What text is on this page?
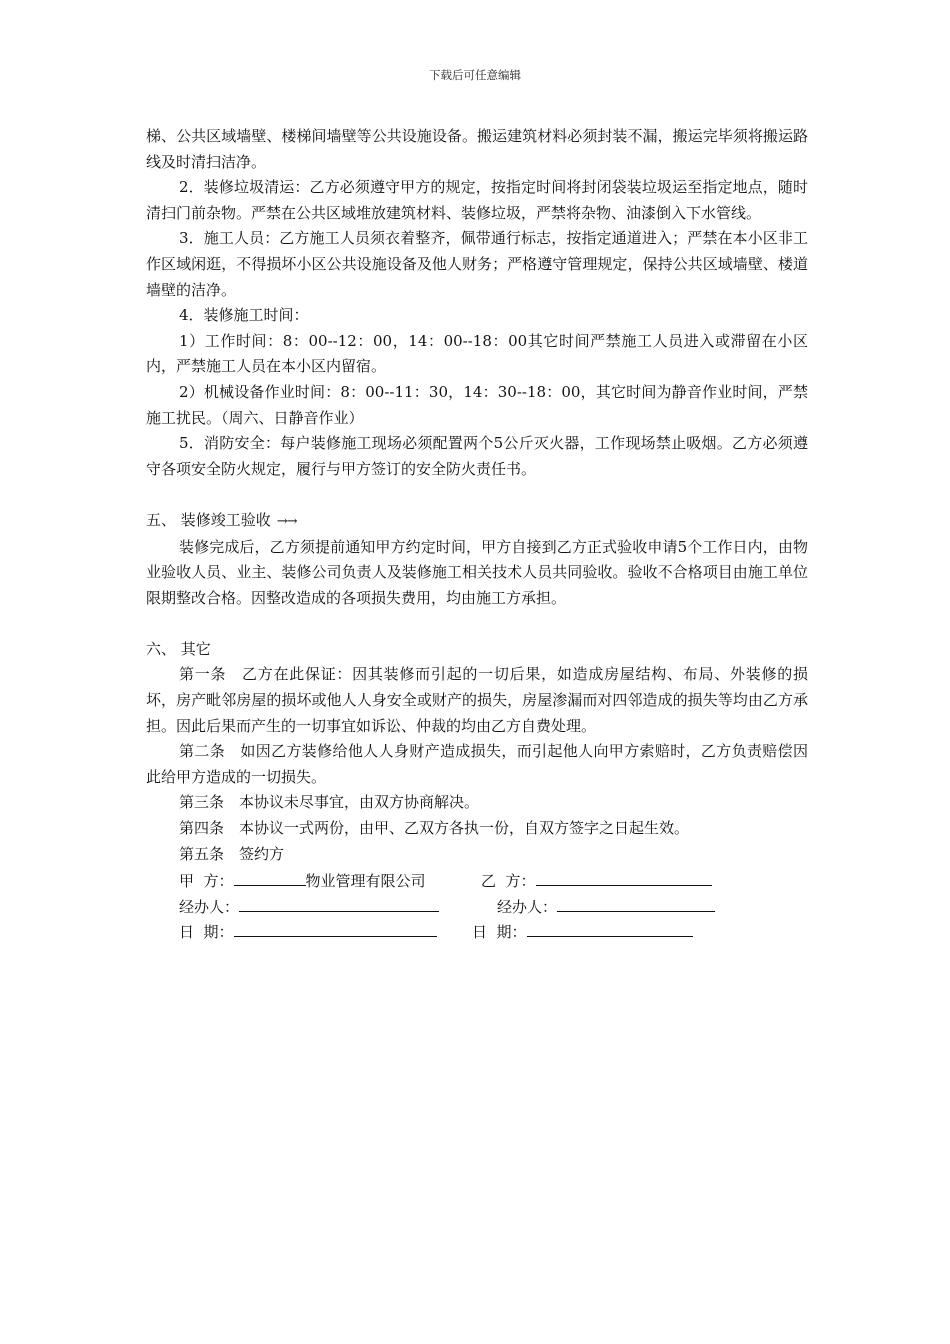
下载后可任意编辑

梯、公共区域墙壁、楼梯间墙壁等公共设施设备。搬运建筑材料必须封装不漏，搬运完毕须将搬运路线及时清扫洁净。

2．装修垃圾清运：乙方必须遵守甲方的规定，按指定时间将封闭袋装垃圾运至指定地点，随时清扫门前杂物。严禁在公共区域堆放建筑材料、装修垃圾，严禁将杂物、油漆倒入下水管线。

3．施工人员：乙方施工人员须衣着整齐，佩带通行标志，按指定通道进入；严禁在本小区非工作区域闲逛，不得损坏小区公共设施设备及他人财务；严格遵守管理规定，保持公共区域墙壁、楼道墙壁的洁净。

4．装修施工时间：

1）工作时间：8：00--12：00，14：00--18：00其它时间严禁施工人员进入或滞留在小区内，严禁施工人员在本小区内留宿。

2）机械设备作业时间：8：00--11：30，14：30--18：00，其它时间为静音作业时间，严禁施工扰民。（周六、日静音作业）

5．消防安全：每户装修施工现场必须配置两个5公斤灭火器，工作现场禁止吸烟。乙方必须遵守各项安全防火规定，履行与甲方签订的安全防火责任书。

五、 装修竣工验收 →→

装修完成后，乙方须提前通知甲方约定时间，甲方自接到乙方正式验收申请5个工作日内，由物业验收人员、业主、装修公司负责人及装修施工相关技术人员共同验收。验收不合格项目由施工单位限期整改合格。因整改造成的各项损失费用，均由施工方承担。

六、 其它

第一条　乙方在此保证：因其装修而引起的一切后果，如造成房屋结构、布局、外装修的损坏，房产毗邻房屋的损坏或他人人身安全或财产的损失，房屋渗漏而对四邻造成的损失等均由乙方承担。因此后果而产生的一切事宜如诉讼、仲裁的均由乙方自费处理。

第二条　如因乙方装修给他人人身财产造成损失，而引起他人向甲方索赔时，乙方负责赔偿因此给甲方造成的一切损失。

第三条　本协议未尽事宜，由双方协商解决。

第四条　本协议一式两份，由甲、乙双方各执一份，自双方签字之日起生效。

第五条　签约方

甲  方：	物业管理有限公司	乙  方：
经办人：	经办人：
日  期：	日  期：
